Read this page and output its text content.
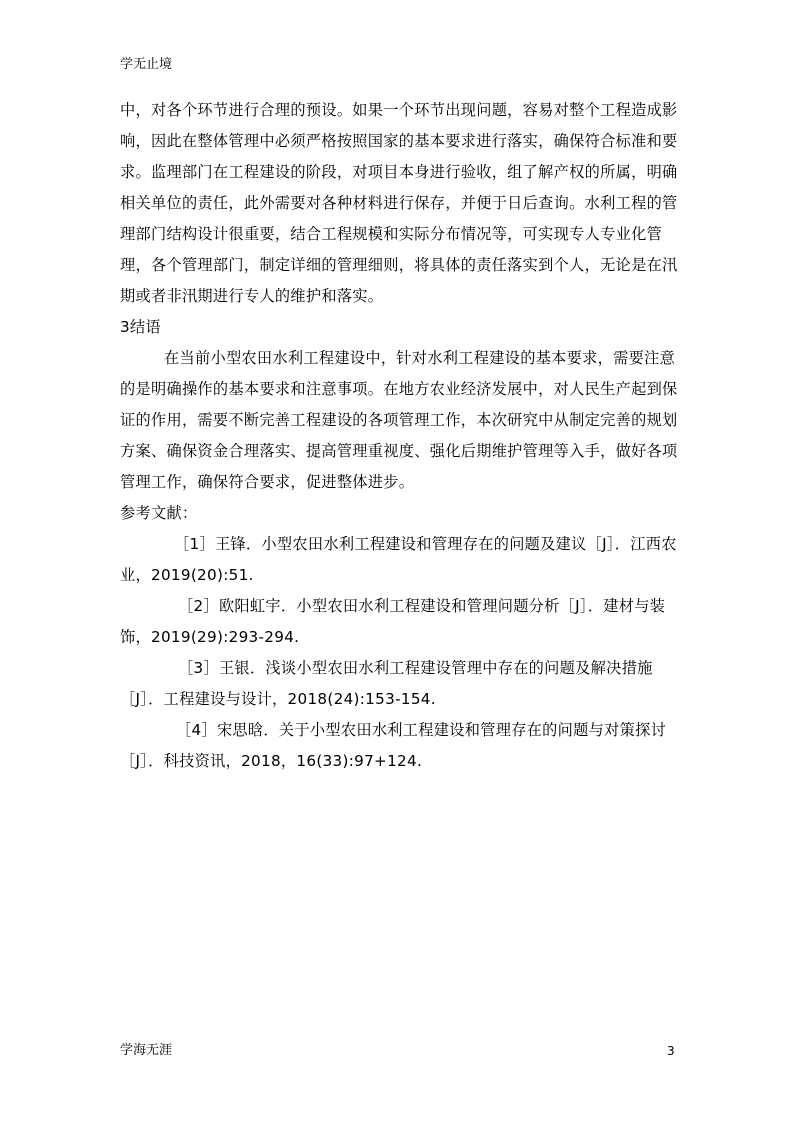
学无止境

中，对各个环节进行合理的预设。如果一个环节出现问题，容易对整个工程造成影响，因此在整体管理中必须严格按照国家的基本要求进行落实，确保符合标准和要求。监理部门在工程建设的阶段，对项目本身进行验收，组了解产权的所属，明确相关单位的责任，此外需要对各种材料进行保存，并便于日后查询。水利工程的管理部门结构设计很重要，结合工程规模和实际分布情况等，可实现专人专业化管理，各个管理部门，制定详细的管理细则，将具体的责任落实到个人，无论是在汛期或者非汛期进行专人的维护和落实。

3结语

在当前小型农田水利工程建设中，针对水利工程建设的基本要求，需要注意的是明确操作的基本要求和注意事项。在地方农业经济发展中，对人民生产起到保证的作用，需要不断完善工程建设的各项管理工作，本次研究中从制定完善的规划方案、确保资金合理落实、提高管理重视度、强化后期维护管理等入手，做好各项管理工作，确保符合要求，促进整体进步。

参考文献：

［1］王锋．小型农田水利工程建设和管理存在的问题及建议［J］．江西农业，2019(20):51.

［2］欧阳虹宇．小型农田水利工程建设和管理问题分析［J］．建材与装饰，2019(29):293-294.

［3］王银．浅谈小型农田水利工程建设管理中存在的问题及解决措施［J］．工程建设与设计，2018(24):153-154.

［4］宋思晗．关于小型农田水利工程建设和管理存在的问题与对策探讨［J］．科技资讯，2018，16(33):97+124.

学海无涯	3
